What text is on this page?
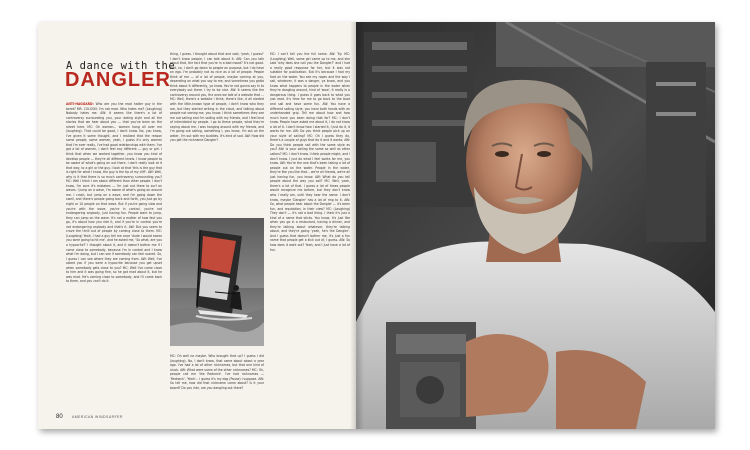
A dance with the
DANGLER
ANTI-HAGGARD: Who are you the mad hatter guy in the beret? MR. COLSON: I'm not mad. Who hates me? (Laughing) Nobody hates me. AW: It seems like there's a lot of controversy surrounding you, your dating style and all the stories that we hear about you — that you've been on the street here. MC: Oh women... women hang all over me (laughing). That could be good, I don't know. No, you know, I've given it some thought, and I realized that the reason some people, some women, yeah, I guess it's only women that I'm ever really, I've had good relationships with them. I've got a lot of women, I don't feel any different — guy or girl. I think that when we worked together, you know you kind of develop people — they're all different levels. I know people to be aware of what's going on out there. I don't really look at it that way, to a girl or the guy. I look at that 'this is the guy that is right for what I know, the guy is the tip of my cliff'. AW: Well, why is it that there is so much controversy surrounding you? MC: Well I think I am about different than other people. I don't know, I'm sure it's mistakes — I'm just out there to surf on waves. I jump on a wave, I'm aware of what's going on around me. I crash, but jump on a wave, and I'm going down the swell, and there's people going back and forth, you just go by eight or 10 people on that wave. But if you're going slow and you're with the wave, you're in control, you're not endangering anybody, just having fun. People want to jump, they can jump on the wave. It's not a matter of how fast you go, it's about how you ride it, and if you're in control you're not endangering anybody and that's it. AW: But you seem to crave the thrill out of people by coming close to them. MC: (Laughing) Yeah, I had a guy tell me once 'dude I would swear you were going to hit me', and he asked me, 'So what, are you a hypocrite?' I thought about it, and it doesn't bother me if I come close to somebody, because I'm in control and I know what I'm doing, but I can see if somebody can feel scared. So, I guess I can see where they are coming from. AW: Well, I've asked you if you were a hypocrite because you get upset when somebody gets close to you? MC: Well I've come close to him and it was going fine, so he got mad about it, but he was mad. He's coming close to somebody, and I'll come back to them, and you can't do it.
thing, I guess. I thought about that and said, 'yeah, I guess!' I don't know people, I can talk about it. AW: Can you talk about that, the fact that you're in a bad mood? It's not good. And, no, I don't go down to people on purpose, but I do have an ego. I'm probably not as nice as a lot of people. People think of me — of a lot of people, maybe coming at you, depending on what you say to me, and sometimes you gotta think about it differently, ya know. You're not gonna say hi to everybody out there. I try to be nice. AW: It seems like the controversy around you, the ones we talk of a website that ... MC: Well, there's a website I think, there's like, it all started with the little-known type of people, I don't know who they are, but they started writing in the cloud, and talking about people not seeing me, you know. I think sometimes they see me out sailing and I'm sailing with my friends, and I feel kind of intimidated by people. I go to these people, what they're saying about me. I was hanging around with my friends, and I'm going out sailing, something I, you know, I'm out on the water, I'm out with my buddies. It's kind of sad. AW: How did you get the nickname Dangler?
MC: Oh well no maybe. Who brought that up? I guess I did (laughing). No, I don't know, that came about about a year ago. I've had a lot of other nicknames, but that one kind of stuck. AW: What were some of the other nicknames? MC: Oh, people call me 'the Redneck'. I've had nicknames — 'Redneck', 'Yeah'... I guess it's my dog (Pause) I suppose. AW: So tell me, how did that nickname come about? Is it your board? Do you ride, are you dangling out there?
MC: I can't tell you the full name. AW: Try. MC: (Laughing) Well, some girl came up to me, and she said 'why does she call you the Dangler?' and I had a really good response for her, but it was not suitable for publication. But it's because I had my foot on the water. You see my ropes and the way I sail, whatever, it was a danger, ya know, and you know what happens to people in the water when they're dangling around, kind of 'wow', it really is a dangerous thing. I guess it goes back to what you just read. It's time for me to go back to the boat and sail and have some fun. AW: You have a different sailing style, you have both hands with an underhanded grip. Tell me about how and how much have you been doing that for? MC: I don't know. People have asked me about it, I do not know a lot of it. I don't know how I started it, I just do it, it works for me. AW: Do you think people pick up on your style of sailing? MC: Oh I guess they do, there's a couple of guys that do it and it works. AW: Do you think people sail with the same style as you? AW: Is your sailing the same as well as other sailors? MC: I don't know. I think people might, and I don't know. I just do what I feel works for me, you know. AW: You're the one that's been taking a lot of people out on the water. People in the water, they're like you like that... we're all friends, we're all just having fun, you know. AW: What do you tell people about the way you sail? MC: Well, yeah, there's a lot of that. I guess a lot of times people would recognize me before, but they don't know who I really am, until they hear the name. I don't know, maybe 'Dangler' has a lot of ring to it. AW: So, what people hear about the Dangler — it's been fun, and reputation, in their view? MC: (Laughing) They don't — it's not a bad thing. I think it's just a kind of a name that sticks. You know, it's just like when you go in a restaurant, having a dinner, and they're talking about whatever, they're talking about, and they're going 'yeah, he's the Dangler'. And I guess that doesn't bother me, it's just a fun name that people get a kick out of, I guess. AW: So how does it work out? Yeah, and I just have a lot of fun.
80	AMERICAN WINDSURFER
